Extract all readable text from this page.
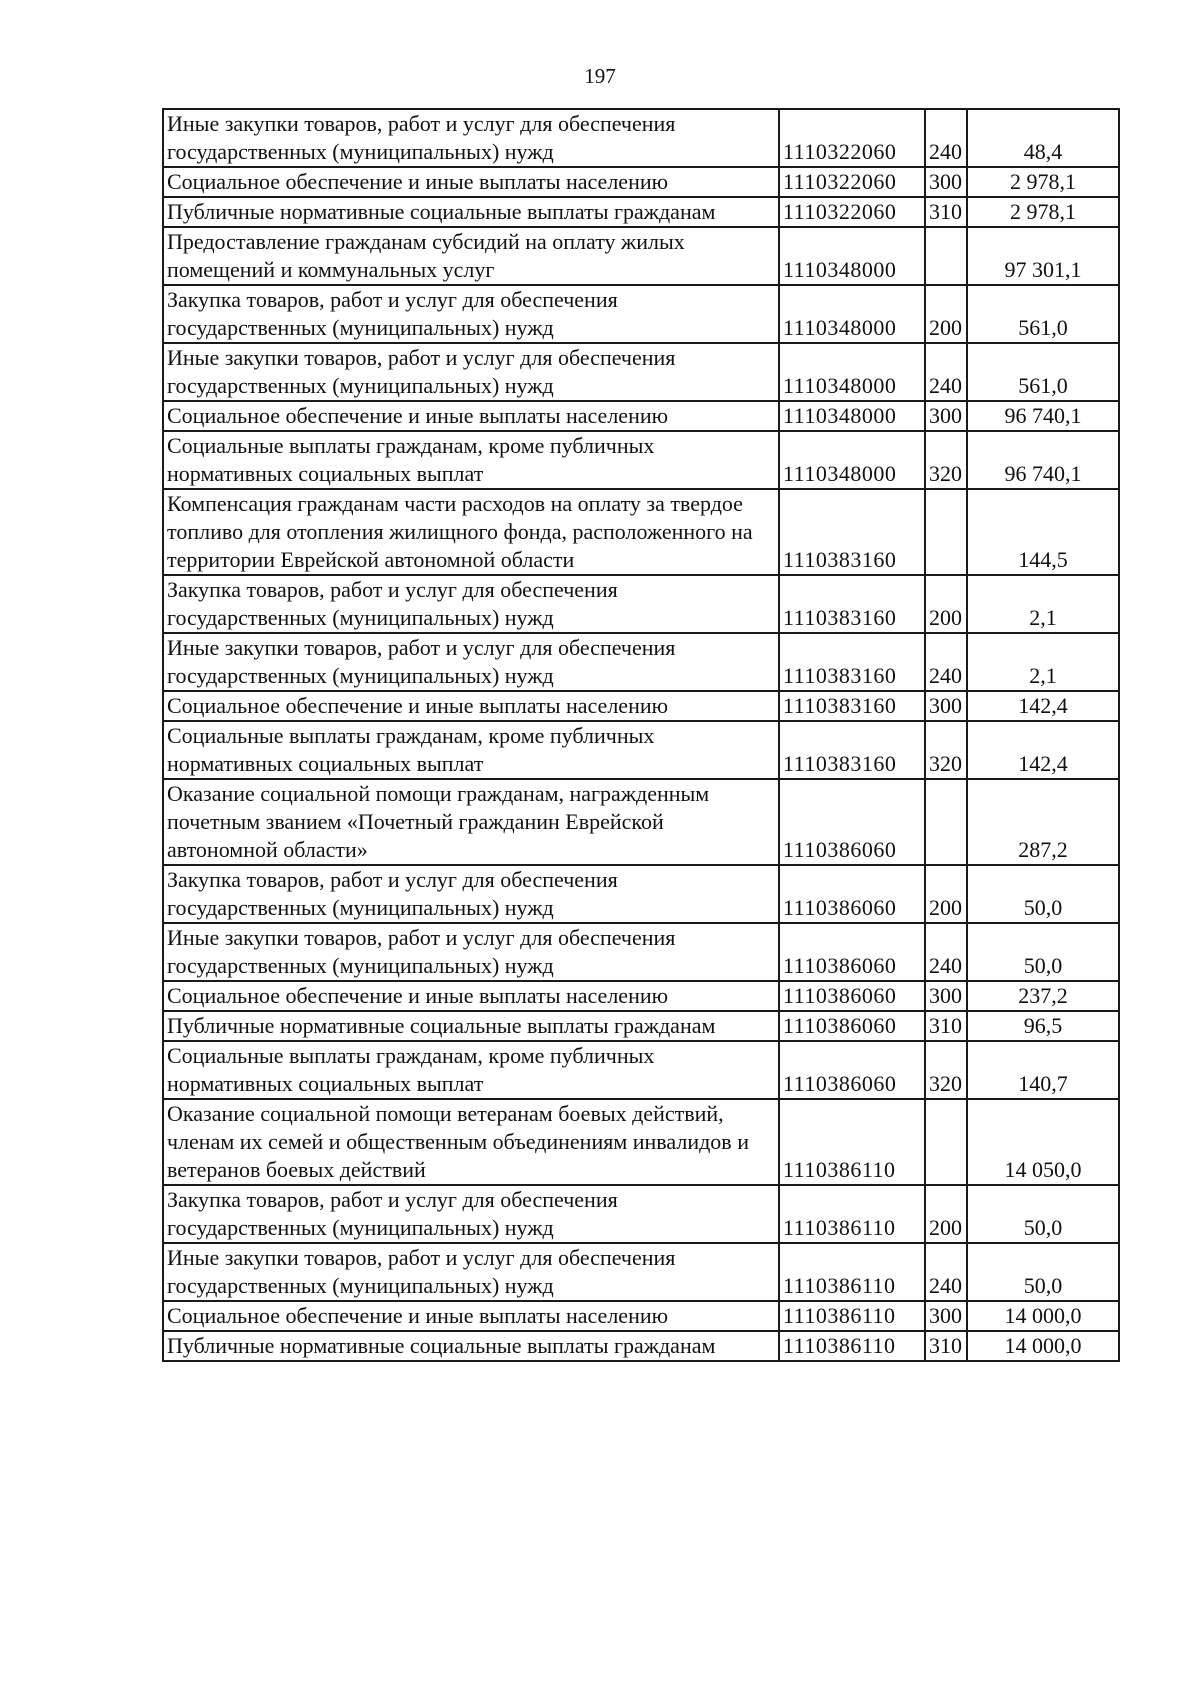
197
Иные закупки товаров, работ и услуг для обеспечения государственных (муниципальных) нужд	1110322060	240	48,4
Социальное обеспечение и иные выплаты населению	1110322060	300	2 978,1
Публичные нормативные социальные выплаты гражданам	1110322060	310	2 978,1
Предоставление гражданам субсидий на оплату жилых помещений и коммунальных услуг	1110348000		97 301,1
Закупка товаров, работ и услуг для обеспечения государственных (муниципальных) нужд	1110348000	200	561,0
Иные закупки товаров, работ и услуг для обеспечения государственных (муниципальных) нужд	1110348000	240	561,0
Социальное обеспечение и иные выплаты населению	1110348000	300	96 740,1
Социальные выплаты гражданам, кроме публичных нормативных социальных выплат	1110348000	320	96 740,1
Компенсация гражданам части расходов на оплату за твердое топливо для отопления жилищного фонда, расположенного на территории Еврейской автономной области	1110383160		144,5
Закупка товаров, работ и услуг для обеспечения государственных (муниципальных) нужд	1110383160	200	2,1
Иные закупки товаров, работ и услуг для обеспечения государственных (муниципальных) нужд	1110383160	240	2,1
Социальное обеспечение и иные выплаты населению	1110383160	300	142,4
Социальные выплаты гражданам, кроме публичных нормативных социальных выплат	1110383160	320	142,4
Оказание социальной помощи гражданам, награжденным почетным званием «Почетный гражданин Еврейской автономной области»	1110386060		287,2
Закупка товаров, работ и услуг для обеспечения государственных (муниципальных) нужд	1110386060	200	50,0
Иные закупки товаров, работ и услуг для обеспечения государственных (муниципальных) нужд	1110386060	240	50,0
Социальное обеспечение и иные выплаты населению	1110386060	300	237,2
Публичные нормативные социальные выплаты гражданам	1110386060	310	96,5
Социальные выплаты гражданам, кроме публичных нормативных социальных выплат	1110386060	320	140,7
Оказание социальной помощи ветеранам боевых действий, членам их семей и общественным объединениям инвалидов и ветеранов боевых действий	1110386110		14 050,0
Закупка товаров, работ и услуг для обеспечения государственных (муниципальных) нужд	1110386110	200	50,0
Иные закупки товаров, работ и услуг для обеспечения государственных (муниципальных) нужд	1110386110	240	50,0
Социальное обеспечение и иные выплаты населению	1110386110	300	14 000,0
Публичные нормативные социальные выплаты гражданам	1110386110	310	14 000,0
